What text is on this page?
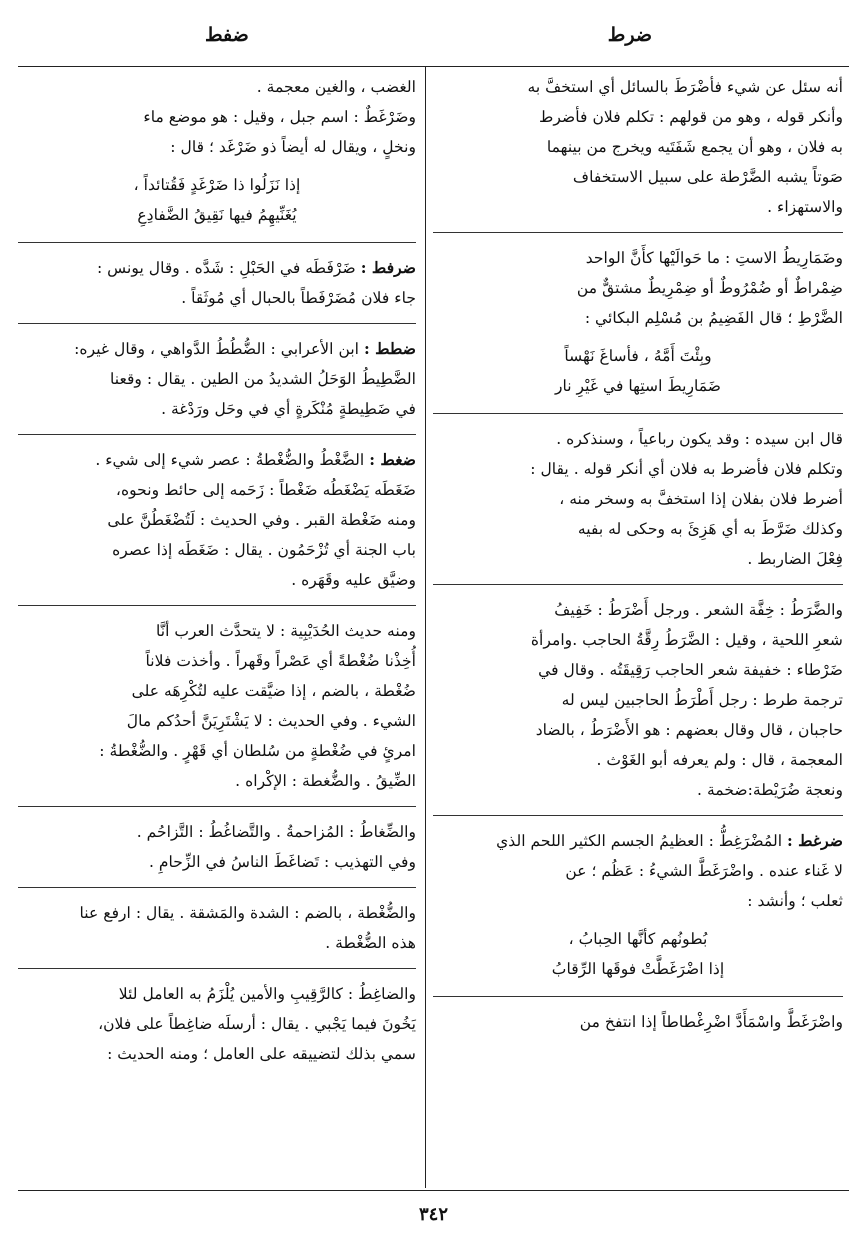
ضرط
ضفط

أنه سئل عن شيء فأضْرَطَ بالسائل أي استخفَّ به

وأنكر قوله ، وهو من قولهم : تكلم فلان فأضرط

به فلان ، وهو أن يجمع شَفَتَيه ويخرج من بينهما

صَوتاً يشبه الضَّرْطة على سبيل الاستخفاف

والاستهزاء .

وضَمَارِيطُ الاستِ : ما حَوالَيْها كأَنَّ الواحد

ضِمْراطٌ أو ضُمْرُوطٌ أو ضِمْرِيطٌ مشتقٌّ من

الضَّرْطِ ؛ قال الفَضِيمُ بن مُسْلِم البكائي :

وبِئْتَ أَمَّهُ ، فأساغَ نَهْساً

ضَمَارِيطَ استِها في غَيْرِ نار

قال ابن سيده : وقد يكون رباعياً ، وسنذكره .

وتكلم فلان فأضرط به فلان أي أنكر قوله . يقال :

أضرط فلان بفلان إذا استخفَّ به وسخر منه ،

وكذلك ضَرَّطَ به أي هَزِئَ به وحكى له بفيه

فِعْلَ الضاربط .

والضَّرَطُ : خِفَّة الشعر . ورجل أَضْرَطُ : خَفِيفُ

شعرِ اللحية ، وقيل : الضَّرَطُ رِقَّةُ الحاجب .وامرأة

ضَرْطاء : خفيفة شعر الحاجب رَقِيقَتُه . وقال في

ترجمة طرط : رجل أَطْرَطُ الحاجبين ليس له

حاجبان ، قال وقال بعضهم : هو الأَضْرَطُ ، بالضاد

المعجمة ، قال : ولم يعرفه أبو الغَوْث .

ونعجة ضُرَيْطة:ضخمة .

ضرغط : المُضْرَغِطُّ : العظيمُ الجسم الكثير اللحم الذي

لا غَناء عنده . واضْرَغَطَّ الشيءُ : عَظُم ؛ عن

ثعلب ؛ وأنشد :

بُطونُهم كأنَّها الحِبابُ ،

إذا اضْرَغَطَّتْ فوقَها الرِّقابُ

واضْرَغَطَّ واسْمَأَدَّ اضْرِغْطاطاً إذا انتفخ من

الغضب ، والغين معجمة .

وضَرْغَطٌ : اسم جبل ، وقيل : هو موضع ماء

ونخلٍ ، ويقال له أيضاً ذو ضَرْغَد ؛ قال :

إذا نَزَلُوا ذا ضَرْغَدٍ فَقُتائداً ،

يُغَنِّيهِمُ فيها نَقِيقُ الضَّفادِعِ

ضرفط : ضَرْفَطَه في الحَبْلِ : شَدَّه . وقال يونس :

جاء فلان مُضَرْفَطاً بالحبال أي مُوثَقاً .

ضطط : ابن الأعرابي : الضُّطُطُ الدَّواهي ، وقال غيره:

الضَّطِيطُ الوَحَلُ الشديدُ من الطين . يقال : وقعنا

في ضَطِيطةٍ مُنْكَرةٍ أي في وحَل ورَدْغة .

ضغط : الضَّغْطُ والضُّغْطةُ : عصر شيء إلى شيء .

ضَغَطَه يَضْغَطُه ضَغْطاً : زَحَمه إلى حائط ونحوه،

ومنه ضَغْطة القبر . وفي الحديث : لَتُضْغَطُنَّ على

باب الجنة أي تُزْحَمُون . يقال : ضَغَطَه إذا عصره

وضيَّق عليه وقَهَره .

ومنه حديث الحُدَيْبِية : لا يتحدَّث العرب أنَّا

أُخِذْنا ضُغْطةً أي عَصْراً وقَهراً . وأخذت فلاناً

ضُغْطة ، بالضم ، إذا ضيَّقت عليه لتُكْرِهَه على

الشيء . وفي الحديث : لا يَشْتَرِيَنَّ أحدُكم مالَ

امرئٍ في ضُغْطةٍ من سُلطان أي قَهْرٍ . والضُّغْطةُ :

الضِّيقُ . والضُّغطة : الإكْراه .

والضِّغاطُ : المُزاحمةُ . والتَّضاغُطُ : التَّزاحُم .

وفي التهذيب : تَضاغَطَ الناسُ في الزِّحامِ .

والضُّغْطة ، بالضم : الشدة والمَشقة . يقال : ارفع عنا

هذه الضُّغْطة .

والضاغِطُ : كالرَّقِيبِ والأمين يُلْزَمُ به العامل لئلا

يَخُونَ فيما يَجْبي . يقال : أرسلَه ضاغِطاً على فلان،

سمي بذلك لتضييقه على العامل ؛ ومنه الحديث :

٣٤٢
